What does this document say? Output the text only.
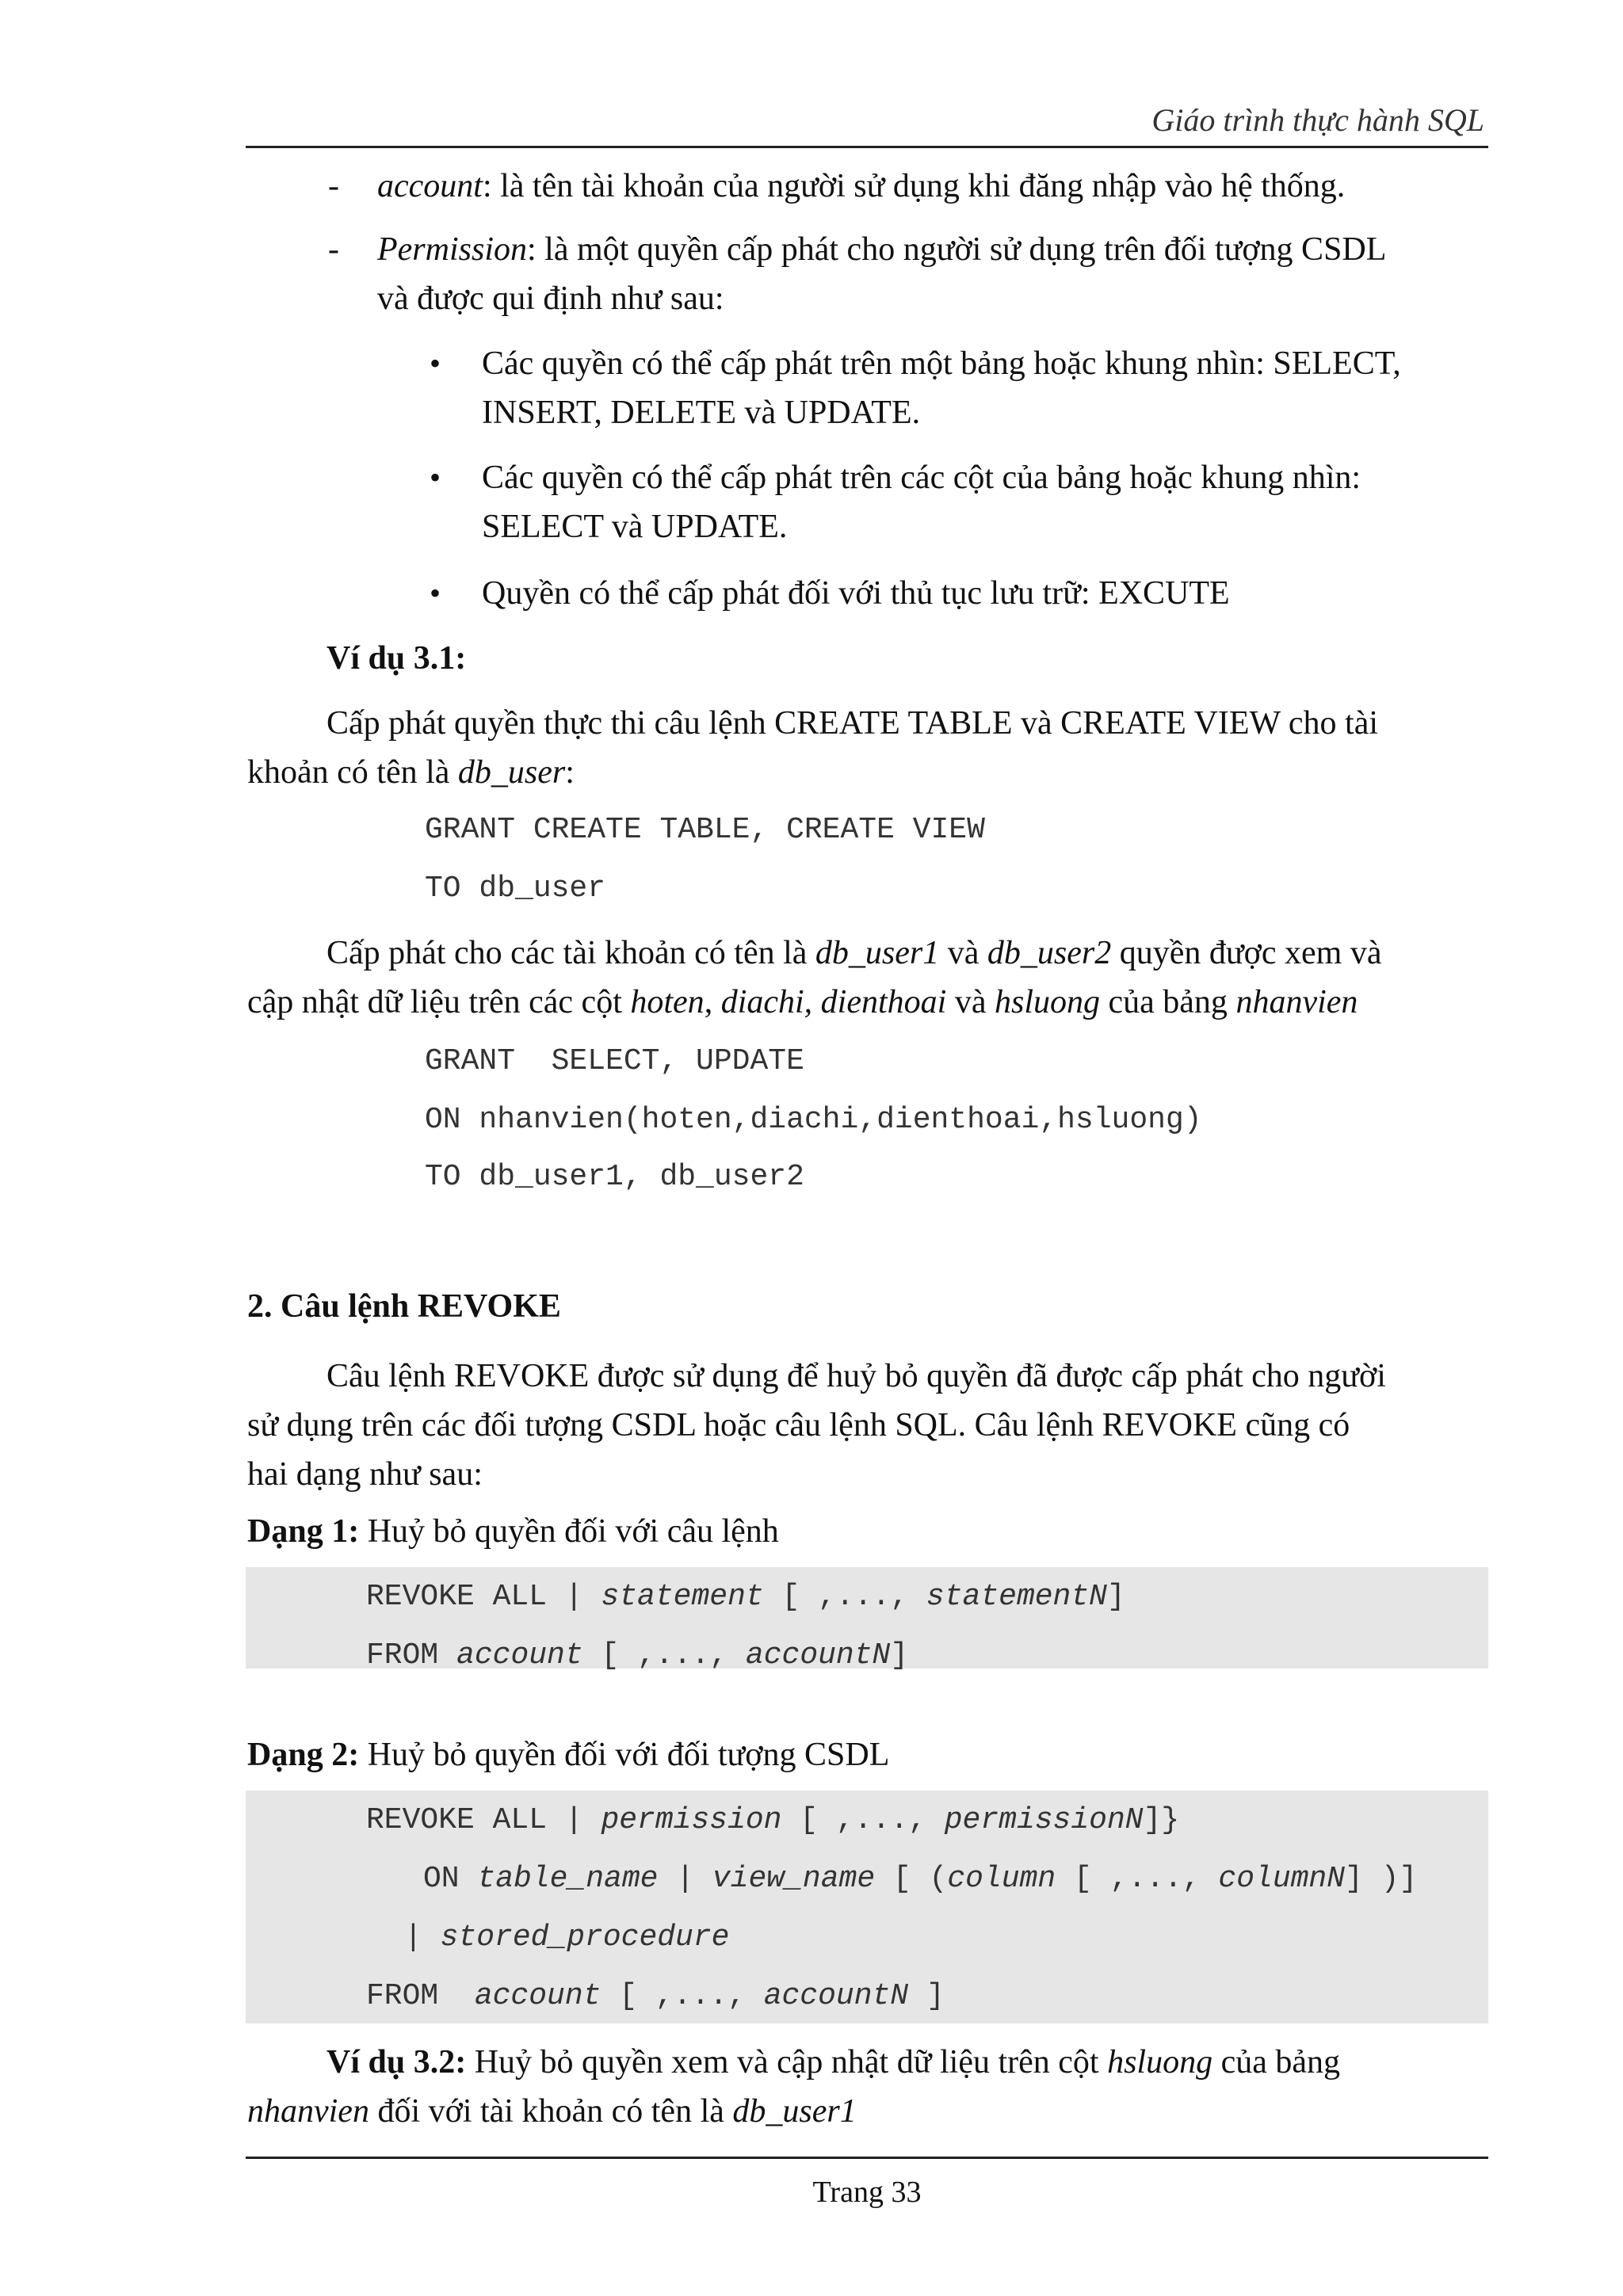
Giáo trình thực hành SQL
- account: là tên tài khoản của người sử dụng khi đăng nhập vào hệ thống.
- Permission: là một quyền cấp phát cho người sử dụng trên đối tượng CSDL
và được qui định như sau:
• Các quyền có thể cấp phát trên một bảng hoặc khung nhìn: SELECT,
INSERT, DELETE và UPDATE.
• Các quyền có thể cấp phát trên các cột của bảng hoặc khung nhìn:
SELECT và UPDATE.
• Quyền có thể cấp phát đối với thủ tục lưu trữ: EXCUTE
Ví dụ 3.1:
Cấp phát quyền thực thi câu lệnh CREATE TABLE và CREATE VIEW cho tài
khoản có tên là db_user:
GRANT CREATE TABLE, CREATE VIEW
TO db_user
Cấp phát cho các tài khoản có tên là db_user1 và db_user2 quyền được xem và
cập nhật dữ liệu trên các cột hoten, diachi, dienthoai và hsluong của bảng nhanvien
GRANT  SELECT, UPDATE
ON nhanvien(hoten,diachi,dienthoai,hsluong)
TO db_user1, db_user2
2. Câu lệnh REVOKE
Câu lệnh REVOKE được sử dụng để huỷ bỏ quyền đã được cấp phát cho người
sử dụng trên các đối tượng CSDL hoặc câu lệnh SQL. Câu lệnh REVOKE cũng có
hai dạng như sau:
Dạng 1: Huỷ bỏ quyền đối với câu lệnh
REVOKE ALL | statement [ ,..., statementN]
FROM account [ ,..., accountN]
Dạng 2: Huỷ bỏ quyền đối với đối tượng CSDL
REVOKE ALL | permission [ ,..., permissionN]}
ON table_name | view_name [ (column [ ,..., columnN] )]
| stored_procedure
FROM  account [ ,..., accountN ]
Ví dụ 3.2: Huỷ bỏ quyền xem và cập nhật dữ liệu trên cột hsluong của bảng
nhanvien đối với tài khoản có tên là db_user1
Trang 33
